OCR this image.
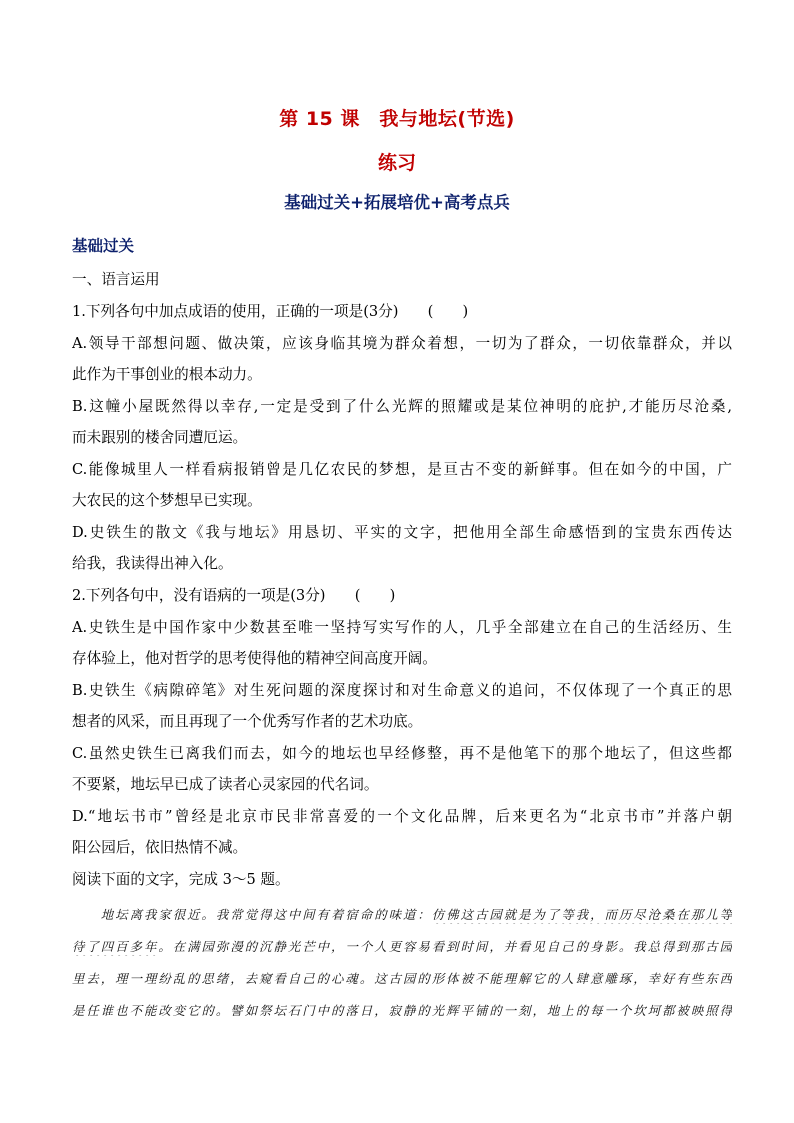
第 15 课　我与地坛(节选)
练习
基础过关+拓展培优+高考点兵
基础过关
一、语言运用
1.下列各句中加点成语的使用，正确的一项是(3分)　　(　　)
A.领导干部想问题、做决策，应该身临其境为群众着想，一切为了群众，一切依靠群众，并以
此作为干事创业的根本动力。
B.这幢小屋既然得以幸存,一定是受到了什么光辉的照耀或是某位神明的庇护,才能历尽沧桑,
而未跟别的楼舍同遭厄运。
C.能像城里人一样看病报销曾是几亿农民的梦想，是亘古不变的新鲜事。但在如今的中国，广
大农民的这个梦想早已实现。
D.史铁生的散文《我与地坛》用恳切、平实的文字，把他用全部生命感悟到的宝贵东西传达
给我，我读得出神入化。
2.下列各句中，没有语病的一项是(3分)　　(　　)
A.史铁生是中国作家中少数甚至唯一坚持写实写作的人，几乎全部建立在自己的生活经历、生
存体验上，他对哲学的思考使得他的精神空间高度开阔。
B.史铁生《病隙碎笔》对生死问题的深度探讨和对生命意义的追问，不仅体现了一个真正的思
想者的风采，而且再现了一个优秀写作者的艺术功底。
C.虽然史铁生已离我们而去，如今的地坛也早经修整，再不是他笔下的那个地坛了，但这些都
不要紧，地坛早已成了读者心灵家园的代名词。
D.“地坛书市”曾经是北京市民非常喜爱的一个文化品牌，后来更名为“北京书市”并落户朝
阳公园后，依旧热情不减。
阅读下面的文字，完成 3～5 题。
　　地坛离我家很近。我常觉得这中间有着宿命的味道：仿佛这古园就是为了等我，而历尽沧桑在那儿等
待了四百多年。在满园弥漫的沉静光芒中，一个人更容易看到时间，并看见自己的身影。我总得到那古园
里去，理一理纷乱的思绪，去窥看自己的心魂。这古园的形体被不能理解它的人肆意雕琢，幸好有些东西
是任谁也不能改变它的。譬如祭坛石门中的落日，寂静的光辉平铺的一刻，地上的每一个坎坷都被映照得
